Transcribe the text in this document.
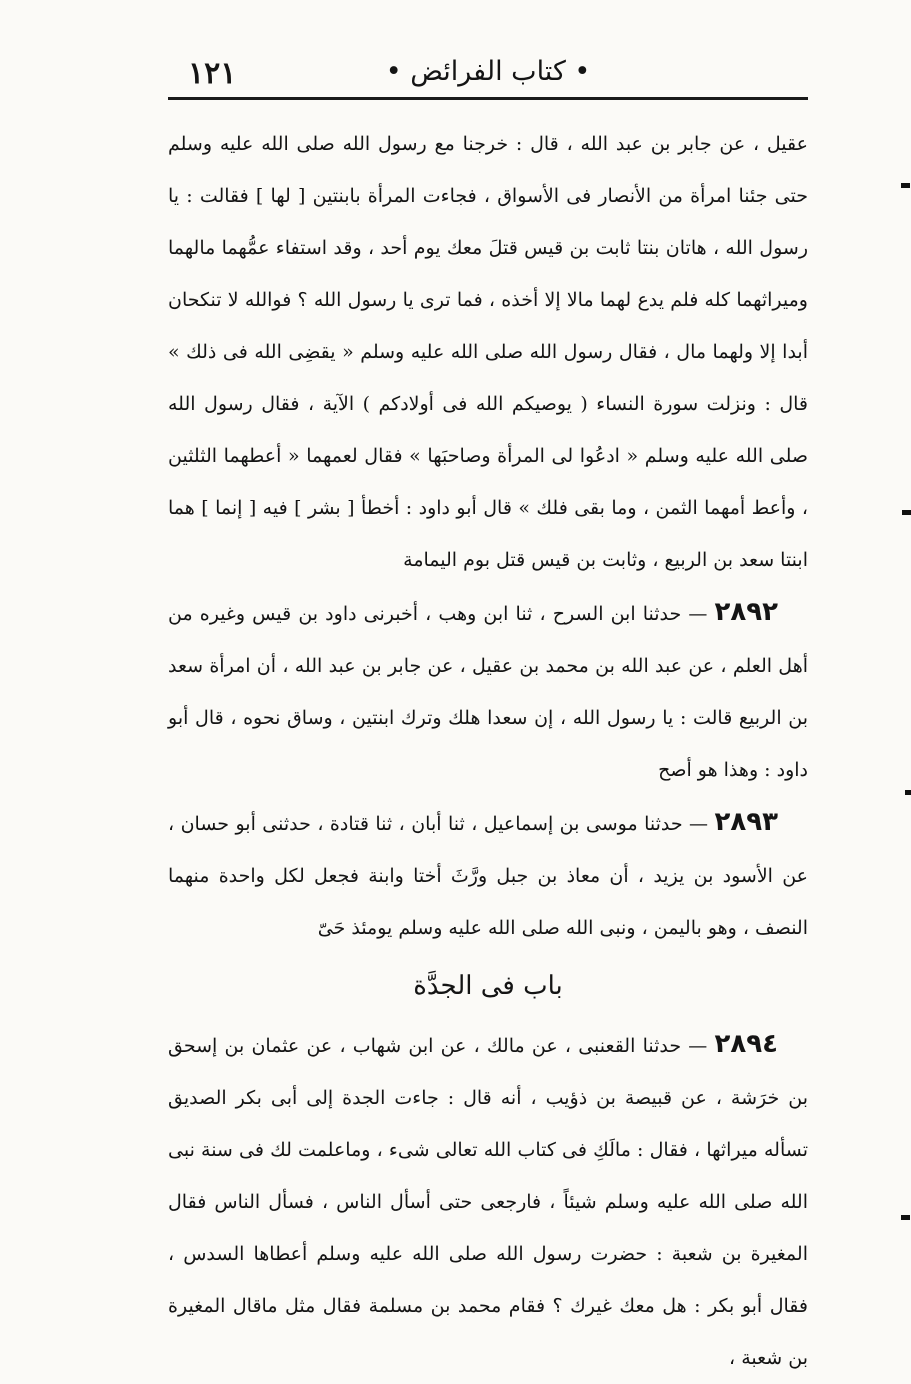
١٢١	• كتاب الفرائض •

عقيل ، عن جابر بن عبد الله ، قال : خرجنا مع رسول الله صلى الله عليه وسلم حتى جئنا امرأة من الأنصار فى الأسواق ، فجاءت المرأة بابنتين [ لها ] فقالت : يا رسول الله ، هاتان بنتا ثابت بن قيس قتلَ معك يوم أحد ، وقد استفاء عمُّهما مالهما وميراثهما كله فلم يدع لهما مالا إلا أخذه ، فما ترى يا رسول الله ؟ فوالله لا تنكحان أبدا إلا ولهما مال ، فقال رسول الله صلى الله عليه وسلم « يقضِى الله فى ذلك » قال : ونزلت سورة النساء ( يوصيكم الله فى أولادكم ) الآية ، فقال رسول الله صلى الله عليه وسلم « ادعُوا لى المرأة وصاحبَها » فقال لعمهما « أعطهما الثلثين ، وأعط أمهما الثمن ، وما بقى فلك » قال أبو داود : أخطأ [ بشر ] فيه [ إنما ] هما ابنتا سعد بن الربيع ، وثابت بن قيس قتل بوم اليمامة

٢٨٩٢ — حدثنا ابن السرح ، ثنا ابن وهب ، أخبرنى داود بن قيس وغيره من أهل العلم ، عن عبد الله بن محمد بن عقيل ، عن جابر بن عبد الله ، أن امرأة سعد بن الربيع قالت : يا رسول الله ، إن سعدا هلك وترك ابنتين ، وساق نحوه ، قال أبو داود : وهذا هو أصح

٢٨٩٣ — حدثنا موسى بن إسماعيل ، ثنا أبان ، ثنا قتادة ، حدثنى أبو حسان ، عن الأسود بن يزيد ، أن معاذ بن جبل ورَّثَ أختا وابنة فجعل لكل واحدة منهما النصف ، وهو باليمن ، ونبى الله صلى الله عليه وسلم يومئذ حَىّ

باب فى الجدَّة

٢٨٩٤ — حدثنا القعنبى ، عن مالك ، عن ابن شهاب ، عن عثمان بن إسحق بن خرَشة ، عن قبيصة بن ذؤيب ، أنه قال : جاءت الجدة إلى أبى بكر الصديق تسأله ميراثها ، فقال : مالَكِ فى كتاب الله تعالى شىء ، وماعلمت لك فى سنة نبى الله صلى الله عليه وسلم شيئاً ، فارجعى حتى أسأل الناس ، فسأل الناس فقال المغيرة بن شعبة : حضرت رسول الله صلى الله عليه وسلم أعطاها السدس ، فقال أبو بكر : هل معك غيرك ؟ فقام محمد بن مسلمة فقال مثل ماقال المغيرة بن شعبة ،
